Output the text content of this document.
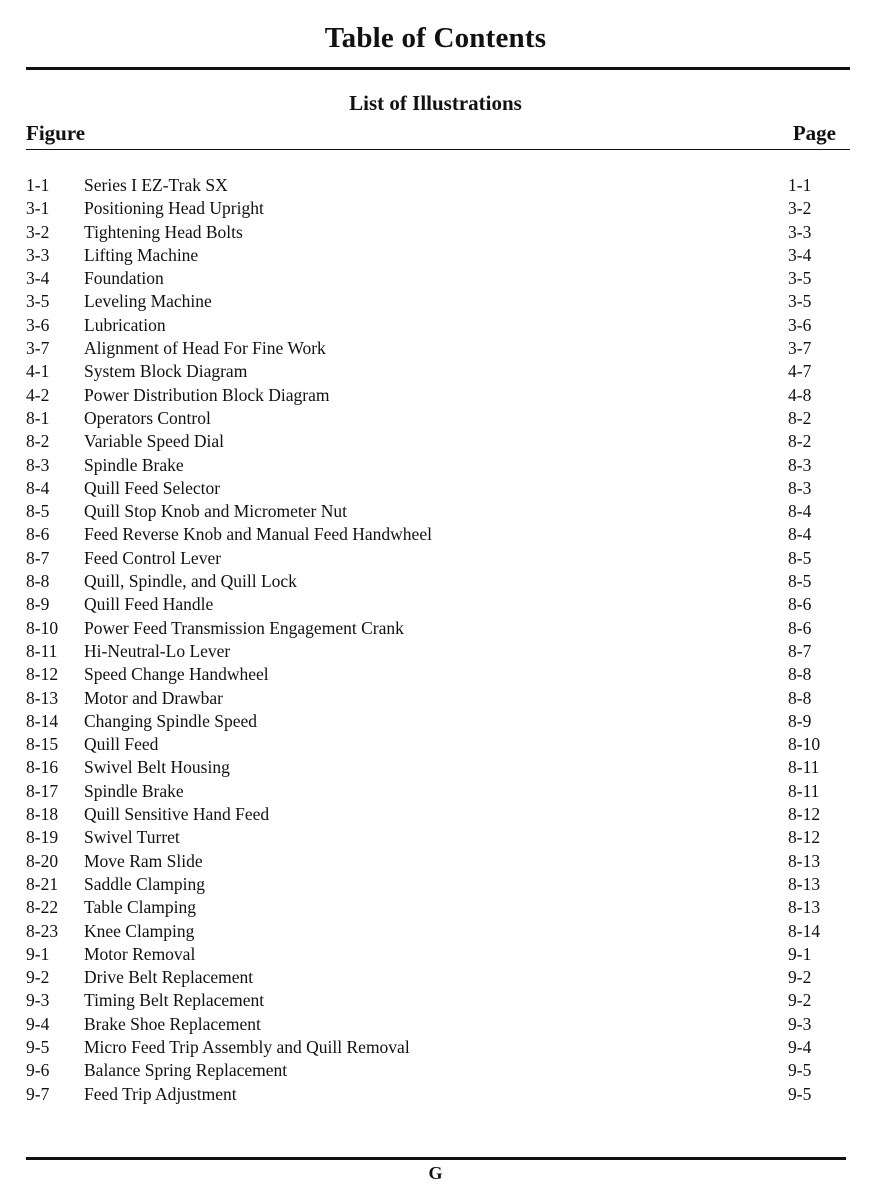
Table of Contents
List of Illustrations
Figure	Page
1-1 Series I EZ-Trak SX	1-1
3-1 Positioning Head Upright	3-2
3-2 Tightening Head Bolts	3-3
3-3 Lifting Machine	3-4
3-4 Foundation	3-5
3-5 Leveling Machine	3-5
3-6 Lubrication	3-6
3-7 Alignment of Head For Fine Work	3-7
4-1 System Block Diagram	4-7
4-2 Power Distribution Block Diagram	4-8
8-1 Operators Control	8-2
8-2 Variable Speed Dial	8-2
8-3 Spindle Brake	8-3
8-4 Quill Feed Selector	8-3
8-5 Quill Stop Knob and Micrometer Nut	8-4
8-6 Feed Reverse Knob and Manual Feed Handwheel	8-4
8-7 Feed Control Lever	8-5
8-8 Quill, Spindle, and Quill Lock	8-5
8-9 Quill Feed Handle	8-6
8-10 Power Feed Transmission Engagement Crank	8-6
8-11 Hi-Neutral-Lo Lever	8-7
8-12 Speed Change Handwheel	8-8
8-13 Motor and Drawbar	8-8
8-14 Changing Spindle Speed	8-9
8-15 Quill Feed	8-10
8-16 Swivel Belt Housing	8-11
8-17 Spindle Brake	8-11
8-18 Quill Sensitive Hand Feed	8-12
8-19 Swivel Turret	8-12
8-20 Move Ram Slide	8-13
8-21 Saddle Clamping	8-13
8-22 Table Clamping	8-13
8-23 Knee Clamping	8-14
9-1 Motor Removal	9-1
9-2 Drive Belt Replacement	9-2
9-3 Timing Belt Replacement	9-2
9-4 Brake Shoe Replacement	9-3
9-5 Micro Feed Trip Assembly and Quill Removal	9-4
9-6 Balance Spring Replacement	9-5
9-7 Feed Trip Adjustment	9-5
G
